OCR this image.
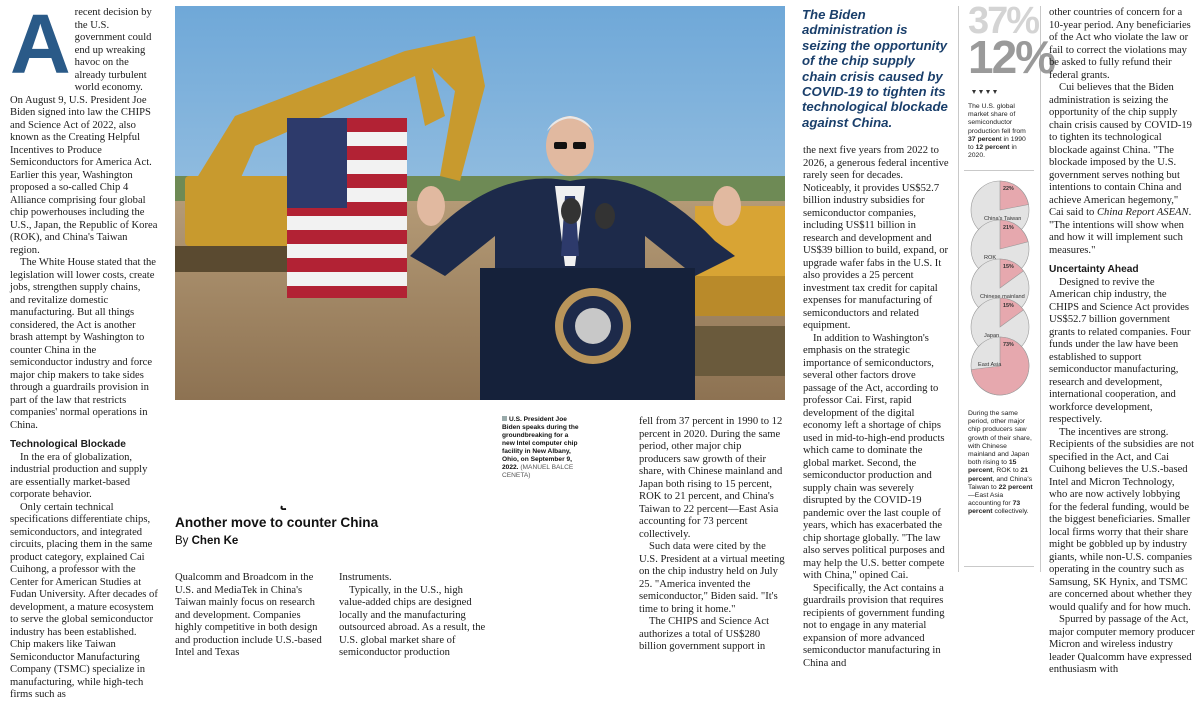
A recent decision by the U.S. government could end up wreaking havoc on the already turbulent world economy. On August 9, U.S. President Joe Biden signed into law the CHIPS and Science Act of 2022, also known as the Creating Helpful Incentives to Produce Semiconductors for America Act. Earlier this year, Washington proposed a so-called Chip 4 Alliance comprising four global chip powerhouses including the U.S., Japan, the Republic of Korea (ROK), and China's Taiwan region.

The White House stated that the legislation will lower costs, create jobs, strengthen supply chains, and revitalize domestic manufacturing. But all things considered, the Act is another brash attempt by Washington to counter China in the semiconductor industry and force major chip makers to take sides through a guardrails provision in part of the law that restricts companies' normal operations in China.

Technological Blockade

In the era of globalization, industrial production and supply are essentially market-based corporate behavior.

Only certain technical specifications differentiate chips, semiconductors, and integrated circuits, placing them in the same product category, explained Cai Cuihong, a professor with the Center for American Studies at Fudan University. After decades of development, a mature ecosystem to serve the global semiconductor industry has been established. Chip makers like Taiwan Semiconductor Manufacturing Company (TSMC) specialize in manufacturing, while high-tech firms such as

U.S. President Joe Biden speaks during the groundbreaking for a new Intel computer chip facility in New Albany, Ohio, on September 9, 2022. (MANUEL BALCE CENETA)
Another move to counter China
By Chen Ke

Qualcomm and Broadcom in the U.S. and MediaTek in China's Taiwan mainly focus on research and development. Companies highly competitive in both design and production include U.S.-based Intel and Texas

Instruments.

Typically, in the U.S., high value-added chips are designed locally and the manufacturing outsourced abroad. As a result, the U.S. global market share of semiconductor production

fell from 37 percent in 1990 to 12 percent in 2020. During the same period, other major chip producers saw growth of their share, with Chinese mainland and Japan both rising to 15 percent, ROK to 21 percent, and China's Taiwan to 22 percent—East Asia accounting for 73 percent collectively.

Such data were cited by the U.S. President at a virtual meeting on the chip industry held on July 25. "America invented the semiconductor," Biden said. "It's time to bring it home."

The CHIPS and Science Act authorizes a total of US$280 billion government support in

The Biden administration is seizing the opportunity of the chip supply chain crisis caused by COVID-19 to tighten its technological blockade against China.

the next five years from 2022 to 2026, a generous federal incentive rarely seen for decades. Noticeably, it provides US$52.7 billion industry subsidies for semiconductor companies, including US$11 billion in research and development and US$39 billion to build, expand, or upgrade wafer fabs in the U.S. It also provides a 25 percent investment tax credit for capital expenses for manufacturing of semiconductors and related equipment.

In addition to Washington's emphasis on the strategic importance of semiconductors, several other factors drove passage of the Act, according to professor Cai. First, rapid development of the digital economy left a shortage of chips used in mid-to-high-end products which came to dominate the global market. Second, the semiconductor production and supply chain was severely disrupted by the COVID-19 pandemic over the last couple of years, which has exacerbated the chip shortage globally. "The law also serves political purposes and may help the U.S. better compete with China," opined Cai.

Specifically, the Act contains a guardrails provision that requires recipients of government funding not to engage in any material expansion of more advanced semiconductor manufacturing in China and

37%
12%
The U.S. global market share of semiconductor production fell from 37 percent in 1990 to 12 percent in 2020.
22%
China's Taiwan
21%
ROK
15%
Chinese mainland
15%
Japan
73%
East Asia
During the same period, other major chip producers saw growth of their share, with Chinese mainland and Japan both rising to 15 percent, ROK to 21 percent, and China's Taiwan to 22 percent—East Asia accounting for 73 percent collectively.

other countries of concern for a 10-year period. Any beneficiaries of the Act who violate the law or fail to correct the violations may be asked to fully refund their federal grants.

Cui believes that the Biden administration is seizing the opportunity of the chip supply chain crisis caused by COVID-19 to tighten its technological blockade against China. "The blockade imposed by the U.S. government serves nothing but intentions to contain China and achieve American hegemony," Cai said to China Report ASEAN. "The intentions will show when and how it will implement such measures."

Uncertainty Ahead

Designed to revive the American chip industry, the CHIPS and Science Act provides US$52.7 billion government grants to related companies. Four funds under the law have been established to support semiconductor manufacturing, research and development, international cooperation, and workforce development, respectively.

The incentives are strong. Recipients of the subsidies are not specified in the Act, and Cai Cuihong believes the U.S.-based Intel and Micron Technology, who are now actively lobbying for the federal funding, would be the biggest beneficiaries. Smaller local firms worry that their share might be gobbled up by industry giants, while non-U.S. companies operating in the country such as Samsung, SK Hynix, and TSMC are concerned about whether they would qualify and for how much.

Spurred by passage of the Act, major computer memory producer Micron and wireless industry leader Qualcomm have expressed enthusiasm with
